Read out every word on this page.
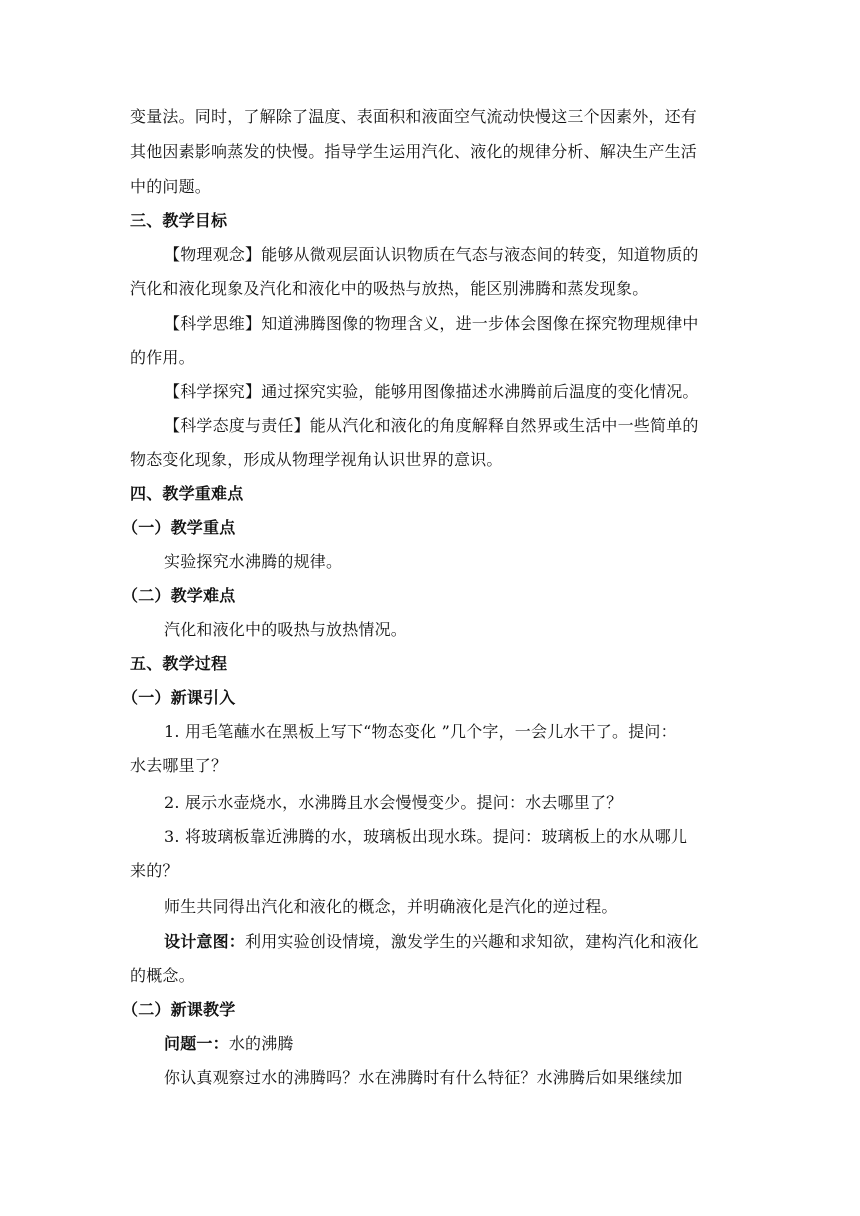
变量法。同时，了解除了温度、表面积和液面空气流动快慢这三个因素外，还有
其他因素影响蒸发的快慢。指导学生运用汽化、液化的规律分析、解决生产生活
中的问题。
三、教学目标
【物理观念】能够从微观层面认识物质在气态与液态间的转变，知道物质的
汽化和液化现象及汽化和液化中的吸热与放热，能区别沸腾和蒸发现象。
【科学思维】知道沸腾图像的物理含义，进一步体会图像在探究物理规律中
的作用。
【科学探究】通过探究实验，能够用图像描述水沸腾前后温度的变化情况。
【科学态度与责任】能从汽化和液化的角度解释自然界或生活中一些简单的
物态变化现象，形成从物理学视角认识世界的意识。
四、教学重难点
（一）教学重点
实验探究水沸腾的规律。
（二）教学难点
汽化和液化中的吸热与放热情况。
五、教学过程
（一）新课引入
1. 用毛笔蘸水在黑板上写下“物态变化 ”几个字，一会儿水干了。提问：
水去哪里了？
2. 展示水壶烧水，水沸腾且水会慢慢变少。提问：水去哪里了？
3. 将玻璃板靠近沸腾的水，玻璃板出现水珠。提问：玻璃板上的水从哪儿
来的？
师生共同得出汽化和液化的概念，并明确液化是汽化的逆过程。
设计意图：利用实验创设情境，激发学生的兴趣和求知欲，建构汽化和液化
的概念。
（二）新课教学
问题一：水的沸腾
你认真观察过水的沸腾吗？水在沸腾时有什么特征？水沸腾后如果继续加
